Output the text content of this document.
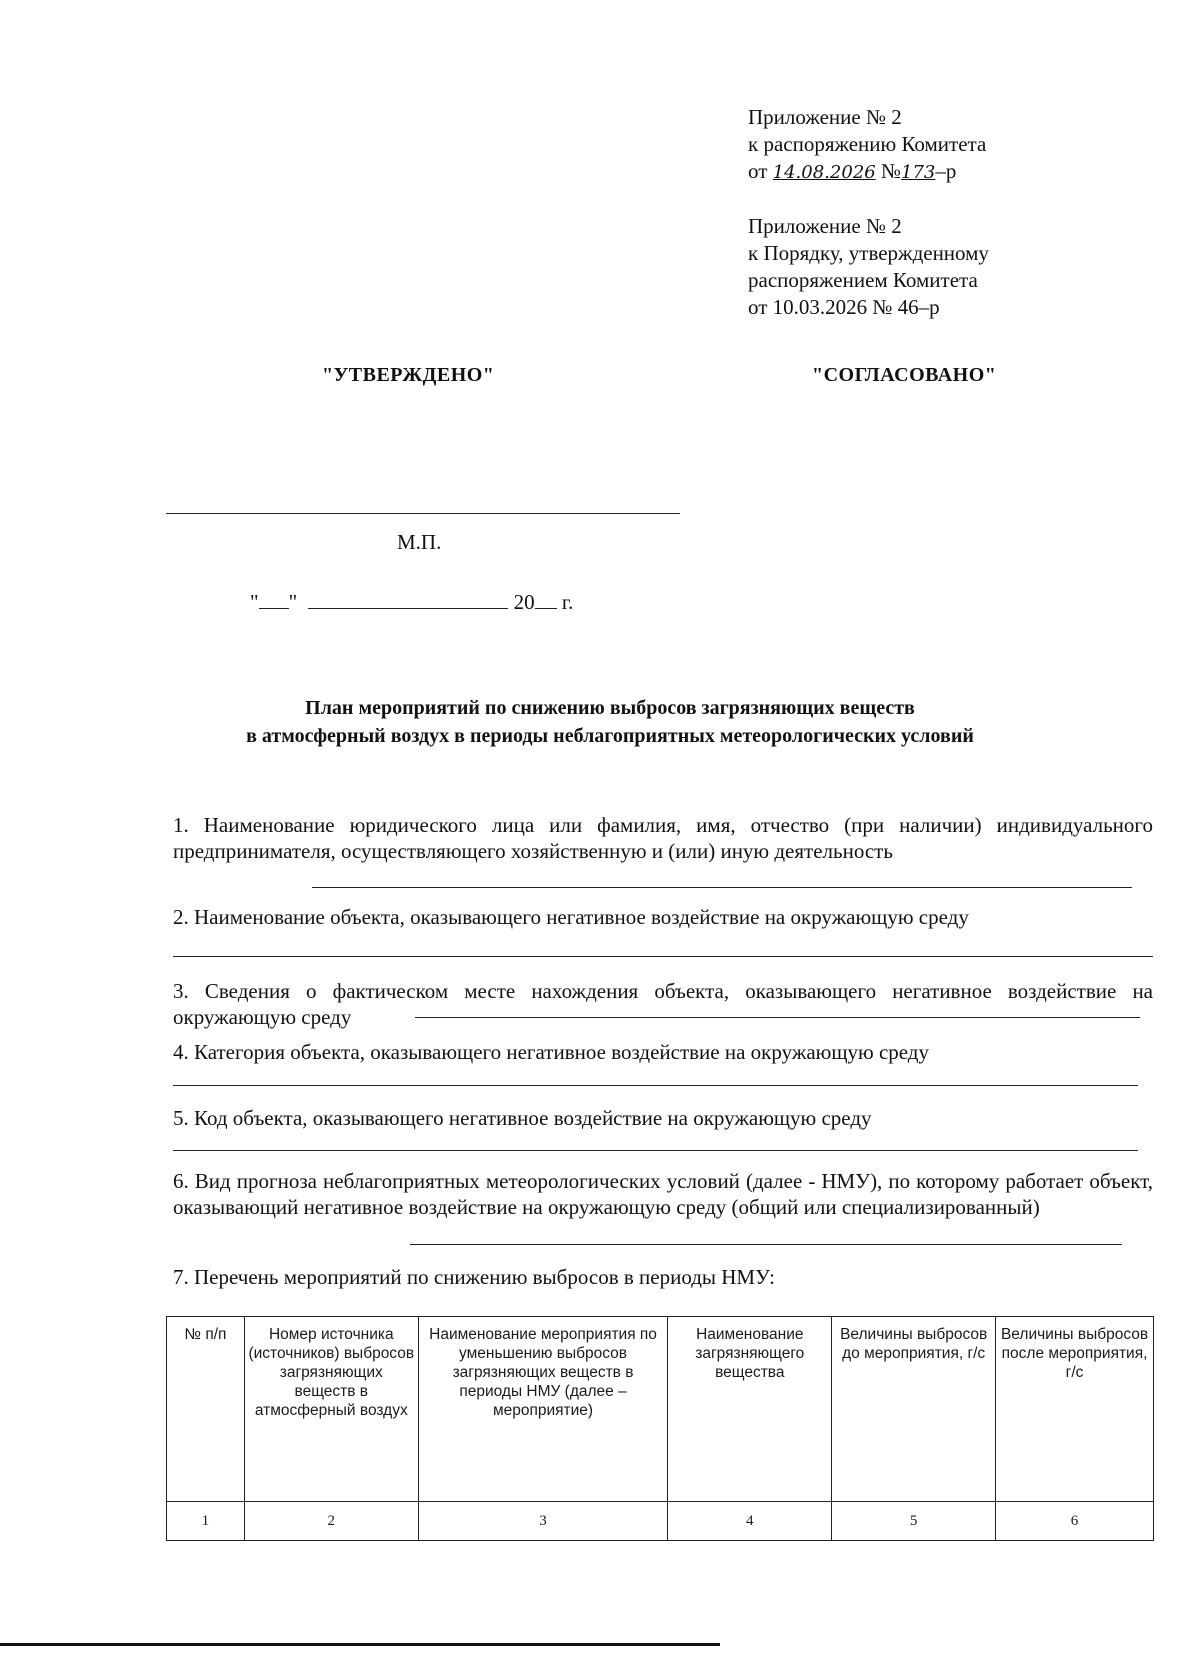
Приложение № 2
к распоряжению Комитета
от 14.08.2026 №173–р
Приложение № 2
к Порядку, утвержденному
распоряжением Комитета
от 10.03.2026 № 46–р
"УТВЕРЖДЕНО"	"СОГЛАСОВАНО"
М.П.
" "	20 г.
План мероприятий по снижению выбросов загрязняющих веществ
в атмосферный воздух в периоды неблагоприятных метеорологических условий
1. Наименование юридического лица или фамилия, имя, отчество (при наличии) индивидуального предпринимателя, осуществляющего хозяйственную и (или) иную деятельность
2. Наименование объекта, оказывающего негативное воздействие на окружающую среду
3. Сведения о фактическом месте нахождения объекта, оказывающего негативное воздействие на окружающую среду
4. Категория объекта, оказывающего негативное воздействие на окружающую среду
5. Код объекта, оказывающего негативное воздействие на окружающую среду
6. Вид прогноза неблагоприятных метеорологических условий (далее - НМУ), по которому работает объект, оказывающий негативное воздействие на окружающую среду (общий или специализированный)
7. Перечень мероприятий по снижению выбросов в периоды НМУ:
№ п/п	Номер источника (источников) выбросов загрязняющих веществ в атмосферный воздух	Наименование мероприятия по уменьшению выбросов загрязняющих веществ в периоды НМУ (далее – мероприятие)	Наименование загрязняющего вещества	Величины выбросов до мероприятия, г/с	Величины выбросов после мероприятия, г/с
1	2	3	4	5	6
